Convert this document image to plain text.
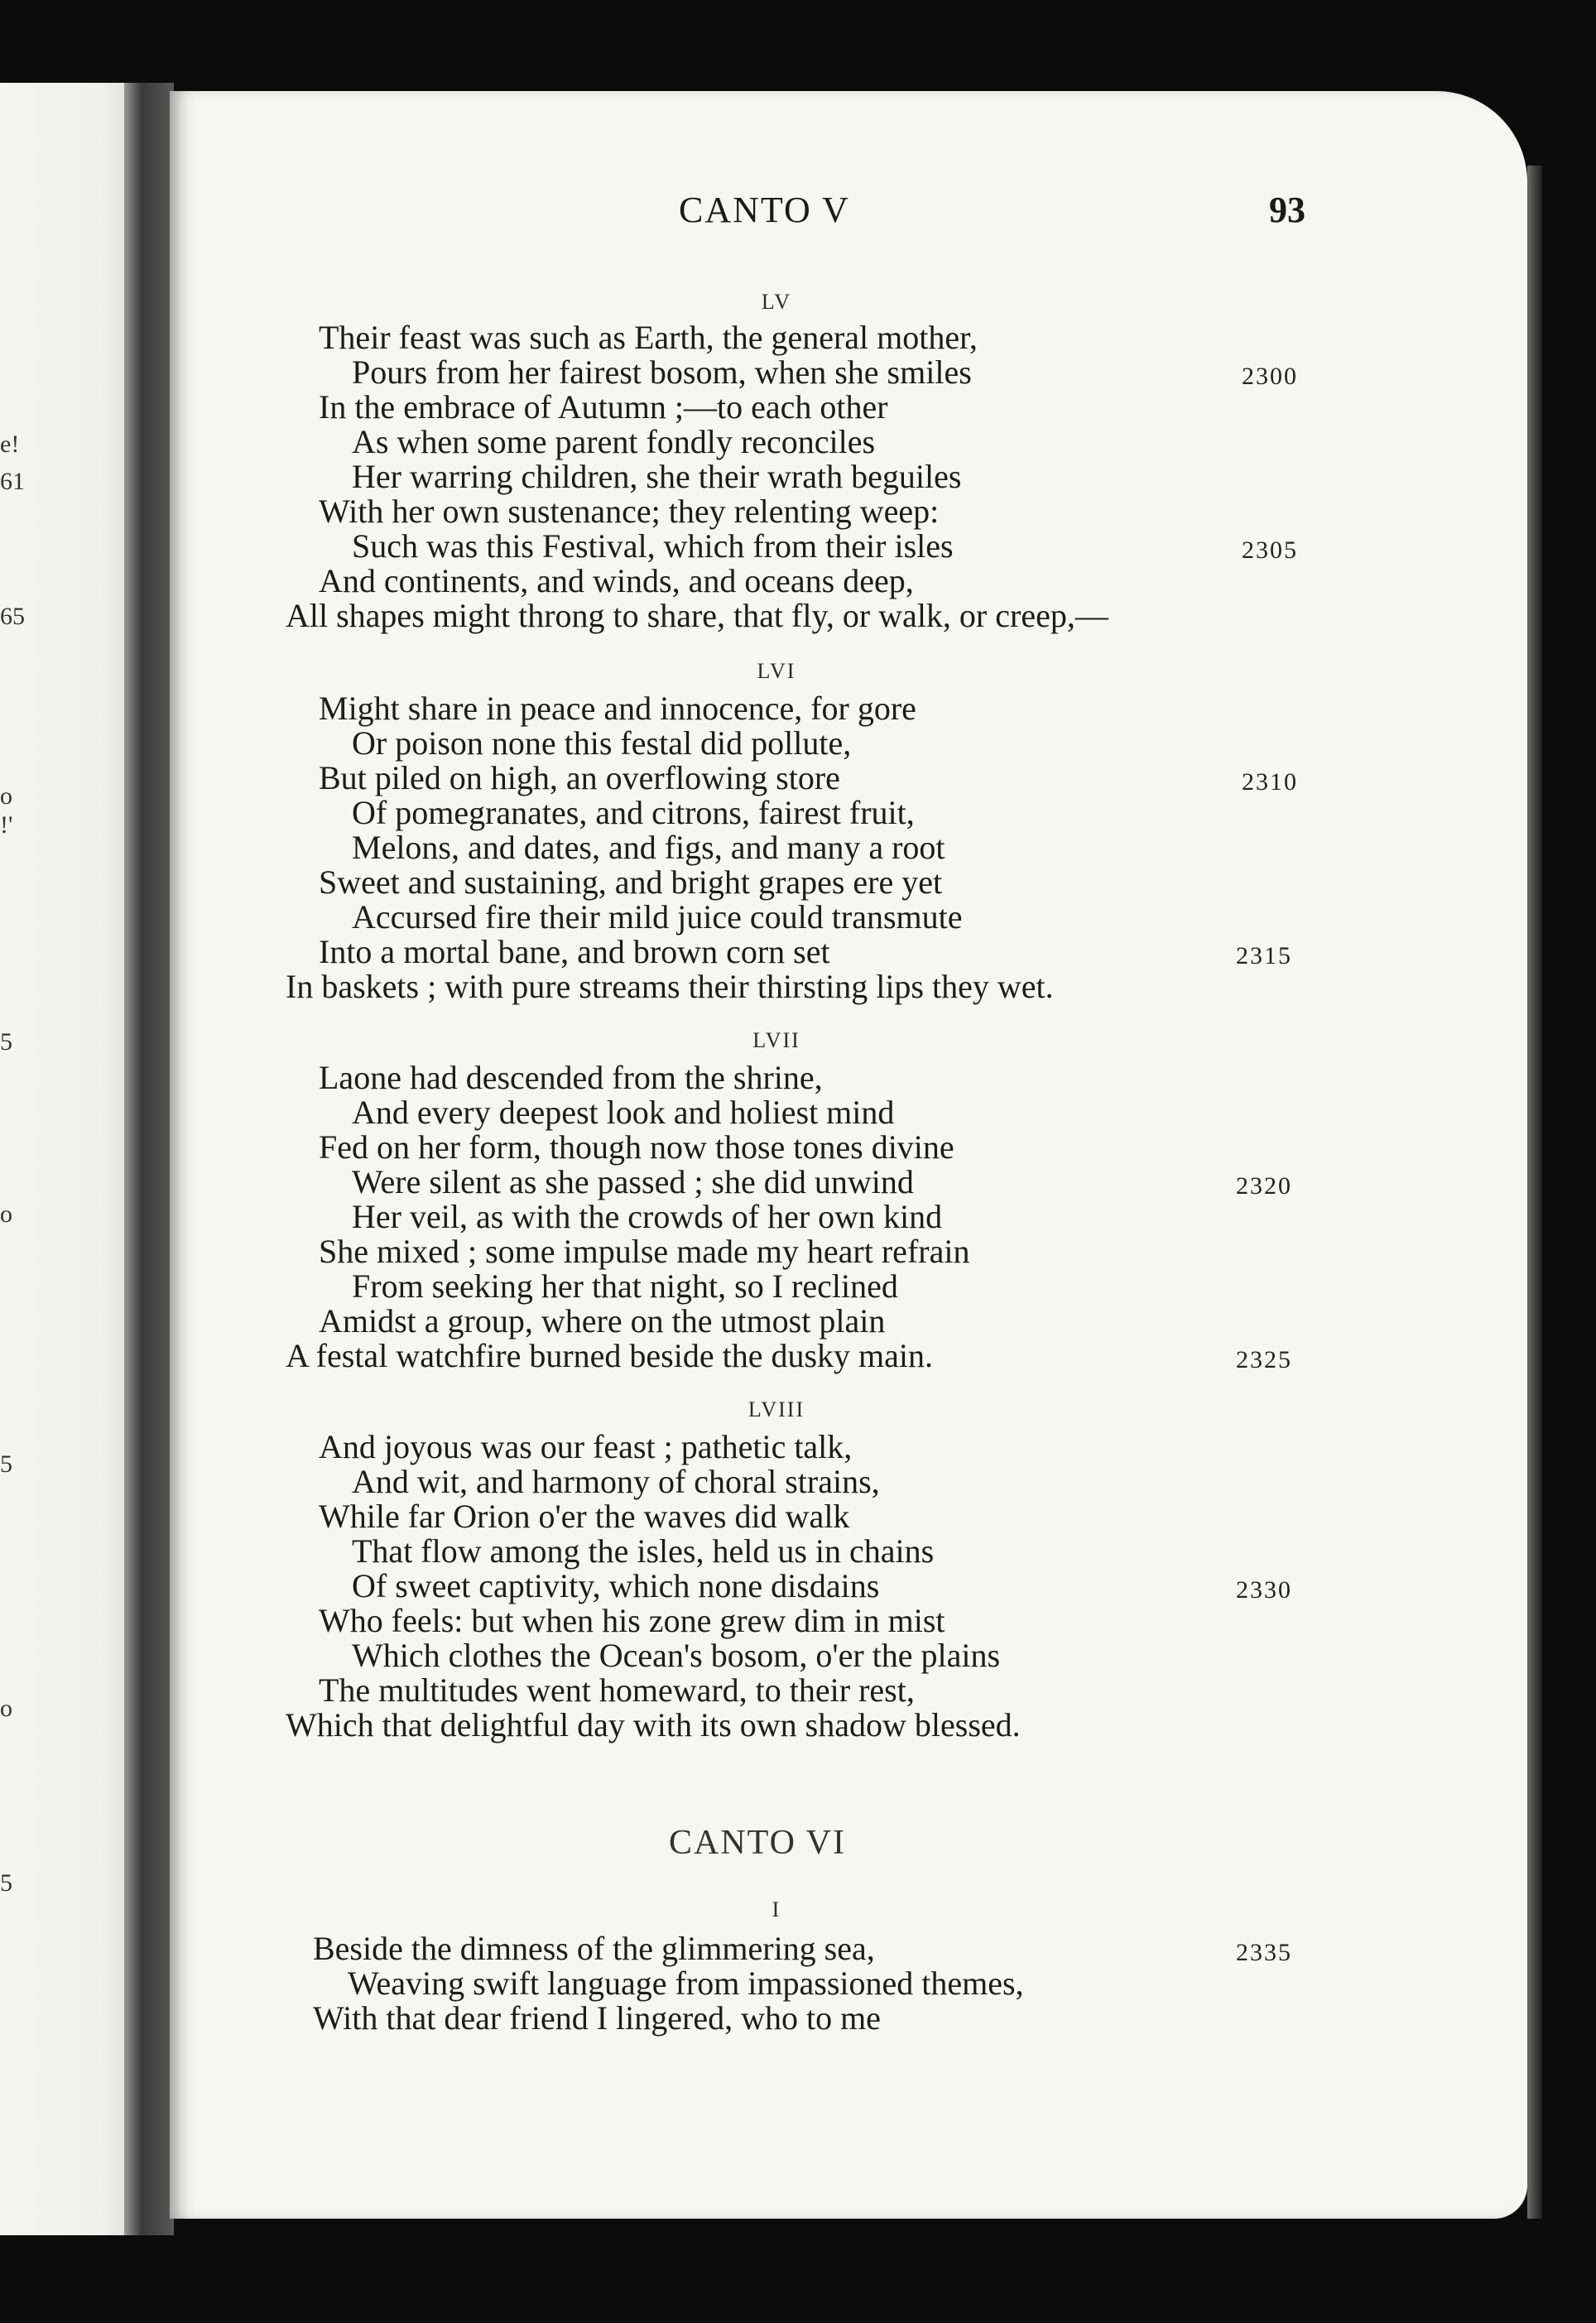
e!
61
65
o
!'
5
o
5
o
5
CANTO V	93
LV
Their feast was such as Earth, the general mother,
Pours from her fairest bosom, when she smiles
In the embrace of Autumn ;—to each other
As when some parent fondly reconciles
Her warring children, she their wrath beguiles
With her own sustenance; they relenting weep:
Such was this Festival, which from their isles
And continents, and winds, and oceans deep,
All shapes might throng to share, that fly, or walk, or creep,—
LVI
Might share in peace and innocence, for gore
Or poison none this festal did pollute,
But piled on high, an overflowing store
Of pomegranates, and citrons, fairest fruit,
Melons, and dates, and figs, and many a root
Sweet and sustaining, and bright grapes ere yet
Accursed fire their mild juice could transmute
Into a mortal bane, and brown corn set
In baskets ; with pure streams their thirsting lips they wet.
LVII
Laone had descended from the shrine,
And every deepest look and holiest mind
Fed on her form, though now those tones divine
Were silent as she passed ; she did unwind
Her veil, as with the crowds of her own kind
She mixed ; some impulse made my heart refrain
From seeking her that night, so I reclined
Amidst a group, where on the utmost plain
A festal watchfire burned beside the dusky main.
LVIII
And joyous was our feast ; pathetic talk,
And wit, and harmony of choral strains,
While far Orion o'er the waves did walk
That flow among the isles, held us in chains
Of sweet captivity, which none disdains
Who feels: but when his zone grew dim in mist
Which clothes the Ocean's bosom, o'er the plains
The multitudes went homeward, to their rest,
Which that delightful day with its own shadow blessed.
CANTO VI
I
Beside the dimness of the glimmering sea,
Weaving swift language from impassioned themes,
With that dear friend I lingered, who to me
2300
2305
2310
2315
2320
2325
2330
2335
